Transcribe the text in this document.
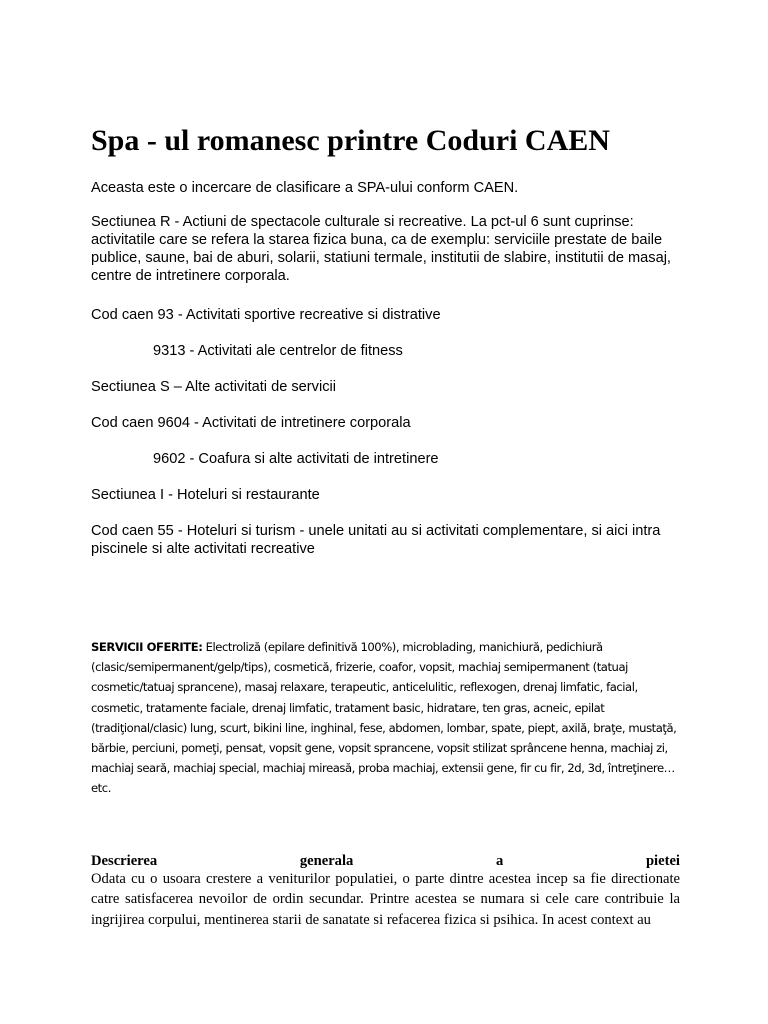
Spa - ul romanesc printre Coduri CAEN

Aceasta este o incercare de clasificare a SPA-ului conform CAEN.

Sectiunea R - Actiuni de spectacole culturale si recreative. La pct-ul 6 sunt cuprinse: activitatile care se refera la starea fizica buna, ca de exemplu: serviciile prestate de baile publice, saune, bai de aburi, solarii, statiuni termale, institutii de slabire, institutii de masaj, centre de intretinere corporala.

Cod caen 93 - Activitati sportive recreative si distrative

9313 - Activitati ale centrelor de fitness

Sectiunea S – Alte activitati de servicii

Cod caen 9604 - Activitati de intretinere corporala

9602 - Coafura si alte activitati de intretinere

Sectiunea I - Hoteluri si restaurante

Cod caen 55 - Hoteluri si turism - unele unitati au si activitati complementare, si aici intra piscinele si alte activitati recreative

SERVICII OFERITE: Electroliză (epilare definitivă 100%), microblading, manichiură, pedichiură (clasic/semipermanent/gelp/tips), cosmetică, frizerie, coafor, vopsit, machiaj semipermanent (tatuaj cosmetic/tatuaj sprancene), masaj relaxare, terapeutic, anticelulitic, reflexogen, drenaj limfatic, facial, cosmetic, tratamente faciale, drenaj limfatic, tratament basic, hidratare, ten gras, acneic, epilat (tradiţional/clasic) lung, scurt, bikini line, inghinal, fese, abdomen, lombar, spate, piept, axilă, braţe, mustaţă, bărbie, perciuni, pomeţi, pensat, vopsit gene, vopsit sprancene, vopsit stilizat sprâncene henna, machiaj zi, machiaj seară, machiaj special, machiaj mireasă, proba machiaj, extensii gene, fir cu fir, 2d, 3d, întreţinere… etc.

Descrierea	generala	a	pietei

Odata cu o usoara crestere a veniturilor populatiei, o parte dintre acestea incep sa fie directionate catre satisfacerea nevoilor de ordin secundar. Printre acestea se numara si cele care contribuie la ingrijirea corpului, mentinerea starii de sanatate si refacerea fizica si psihica. In acest context au
